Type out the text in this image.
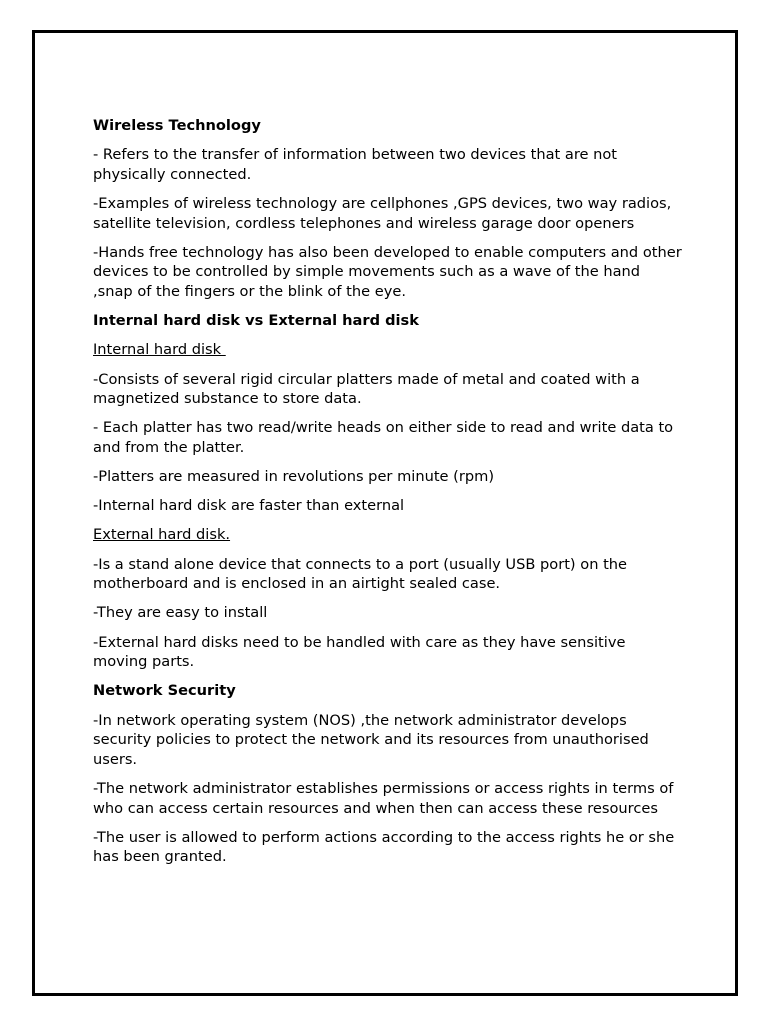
Wireless Technology

- Refers to the transfer of information between two devices that are not physically connected.

-Examples of wireless technology are cellphones ,GPS devices, two way radios, satellite television, cordless telephones and wireless garage door openers

-Hands free technology has also been developed to enable computers and other devices to be controlled by simple movements such as a wave of the hand ,snap of the fingers or the blink of the eye.

Internal hard disk vs External hard disk

Internal hard disk

-Consists of several rigid circular platters made of metal and coated with a magnetized substance to store data.

- Each platter has two read/write heads on either side to read and write data to and from the platter.

-Platters are measured in revolutions per minute (rpm)

-Internal hard disk are faster than external

External hard disk.

-Is a stand alone device that connects to a port (usually USB port) on the motherboard and is enclosed in an airtight sealed case.

-They are easy to install

-External hard disks need to be handled with care as they have sensitive moving parts.

Network Security

-In network operating system (NOS) ,the network administrator develops security policies to protect the network and its resources from unauthorised users.

-The network administrator establishes permissions or access rights in terms of who can access certain resources and when then can access these resources

-The user is allowed to perform actions according to the access rights he or she has been granted.
